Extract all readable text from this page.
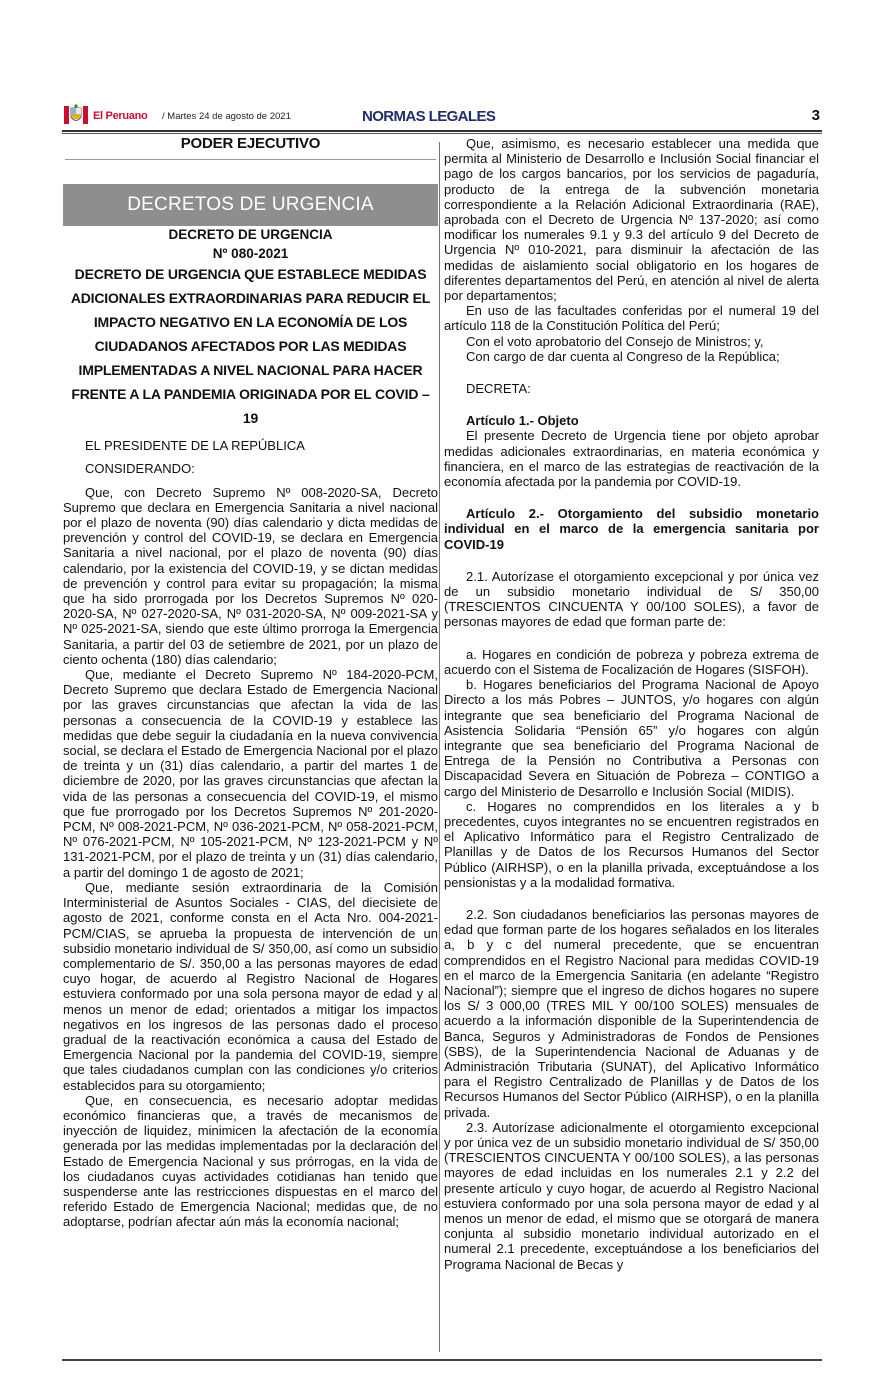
El Peruano / Martes 24 de agosto de 2021	NORMAS LEGALES	3

PODER EJECUTIVO

DECRETOS DE URGENCIA

DECRETO DE URGENCIA

Nº 080-2021

DECRETO DE URGENCIA QUE ESTABLECE MEDIDAS ADICIONALES EXTRAORDINARIAS PARA REDUCIR EL IMPACTO NEGATIVO EN LA ECONOMÍA DE LOS CIUDADANOS AFECTADOS POR LAS MEDIDAS IMPLEMENTADAS A NIVEL NACIONAL PARA HACER FRENTE A LA PANDEMIA ORIGINADA POR EL COVID – 19

EL PRESIDENTE DE LA REPÚBLICA

CONSIDERANDO:

Que, con Decreto Supremo Nº 008-2020-SA, Decreto Supremo que declara en Emergencia Sanitaria a nivel nacional por el plazo de noventa (90) días calendario y dicta medidas de prevención y control del COVID-19, se declara en Emergencia Sanitaria a nivel nacional, por el plazo de noventa (90) días calendario, por la existencia del COVID-19, y se dictan medidas de prevención y control para evitar su propagación; la misma que ha sido prorrogada por los Decretos Supremos Nº 020-2020-SA, Nº 027-2020-SA, Nº 031-2020-SA, Nº 009-2021-SA y Nº 025-2021-SA, siendo que este último prorroga la Emergencia Sanitaria, a partir del 03 de setiembre de 2021, por un plazo de ciento ochenta (180) días calendario;

Que, mediante el Decreto Supremo Nº 184-2020-PCM, Decreto Supremo que declara Estado de Emergencia Nacional por las graves circunstancias que afectan la vida de las personas a consecuencia de la COVID-19 y establece las medidas que debe seguir la ciudadanía en la nueva convivencia social, se declara el Estado de Emergencia Nacional por el plazo de treinta y un (31) días calendario, a partir del martes 1 de diciembre de 2020, por las graves circunstancias que afectan la vida de las personas a consecuencia del COVID-19, el mismo que fue prorrogado por los Decretos Supremos Nº 201-2020-PCM, Nº 008-2021-PCM, Nº 036-2021-PCM, Nº 058-2021-PCM, Nº 076-2021-PCM, Nº 105-2021-PCM, Nº 123-2021-PCM y Nº 131-2021-PCM, por el plazo de treinta y un (31) días calendario, a partir del domingo 1 de agosto de 2021;

Que, mediante sesión extraordinaria de la Comisión Interministerial de Asuntos Sociales - CIAS, del diecisiete de agosto de 2021, conforme consta en el Acta Nro. 004-2021-PCM/CIAS, se aprueba la propuesta de intervención de un subsidio monetario individual de S/ 350,00, así como un subsidio complementario de S/. 350,00 a las personas mayores de edad cuyo hogar, de acuerdo al Registro Nacional de Hogares estuviera conformado por una sola persona mayor de edad y al menos un menor de edad; orientados a mitigar los impactos negativos en los ingresos de las personas dado el proceso gradual de la reactivación económica a causa del Estado de Emergencia Nacional por la pandemia del COVID-19, siempre que tales ciudadanos cumplan con las condiciones y/o criterios establecidos para su otorgamiento;

Que, en consecuencia, es necesario adoptar medidas económico financieras que, a través de mecanismos de inyección de liquidez, minimicen la afectación de la economía generada por las medidas implementadas por la declaración del Estado de Emergencia Nacional y sus prórrogas, en la vida de los ciudadanos cuyas actividades cotidianas han tenido que suspenderse ante las restricciones dispuestas en el marco del referido Estado de Emergencia Nacional; medidas que, de no adoptarse, podrían afectar aún más la economía nacional;

Que, asimismo, es necesario establecer una medida que permita al Ministerio de Desarrollo e Inclusión Social financiar el pago de los cargos bancarios, por los servicios de pagaduría, producto de la entrega de la subvención monetaria correspondiente a la Relación Adicional Extraordinaria (RAE), aprobada con el Decreto de Urgencia Nº 137-2020; así como modificar los numerales 9.1 y 9.3 del artículo 9 del Decreto de Urgencia Nº 010-2021, para disminuir la afectación de las medidas de aislamiento social obligatorio en los hogares de diferentes departamentos del Perú, en atención al nivel de alerta por departamentos;

En uso de las facultades conferidas por el numeral 19 del artículo 118 de la Constitución Política del Perú;

Con el voto aprobatorio del Consejo de Ministros; y,

Con cargo de dar cuenta al Congreso de la República;

DECRETA:

Artículo 1.- Objeto

El presente Decreto de Urgencia tiene por objeto aprobar medidas adicionales extraordinarias, en materia económica y financiera, en el marco de las estrategias de reactivación de la economía afectada por la pandemia por COVID-19.

Artículo 2.- Otorgamiento del subsidio monetario individual en el marco de la emergencia sanitaria por COVID-19

2.1. Autorízase el otorgamiento excepcional y por única vez de un subsidio monetario individual de S/ 350,00 (TRESCIENTOS CINCUENTA Y 00/100 SOLES), a favor de personas mayores de edad que forman parte de:

a. Hogares en condición de pobreza y pobreza extrema de acuerdo con el Sistema de Focalización de Hogares (SISFOH).

b. Hogares beneficiarios del Programa Nacional de Apoyo Directo a los más Pobres – JUNTOS, y/o hogares con algún integrante que sea beneficiario del Programa Nacional de Asistencia Solidaria “Pensión 65” y/o hogares con algún integrante que sea beneficiario del Programa Nacional de Entrega de la Pensión no Contributiva a Personas con Discapacidad Severa en Situación de Pobreza – CONTIGO a cargo del Ministerio de Desarrollo e Inclusión Social (MIDIS).

c. Hogares no comprendidos en los literales a y b precedentes, cuyos integrantes no se encuentren registrados en el Aplicativo Informático para el Registro Centralizado de Planillas y de Datos de los Recursos Humanos del Sector Público (AIRHSP), o en la planilla privada, exceptuándose a los pensionistas y a la modalidad formativa.

2.2. Son ciudadanos beneficiarios las personas mayores de edad que forman parte de los hogares señalados en los literales a, b y c del numeral precedente, que se encuentran comprendidos en el Registro Nacional para medidas COVID-19 en el marco de la Emergencia Sanitaria (en adelante “Registro Nacional”); siempre que el ingreso de dichos hogares no supere los S/ 3 000,00 (TRES MIL Y 00/100 SOLES) mensuales de acuerdo a la información disponible de la Superintendencia de Banca, Seguros y Administradoras de Fondos de Pensiones (SBS), de la Superintendencia Nacional de Aduanas y de Administración Tributaria (SUNAT), del Aplicativo Informático para el Registro Centralizado de Planillas y de Datos de los Recursos Humanos del Sector Público (AIRHSP), o en la planilla privada.

2.3. Autorízase adicionalmente el otorgamiento excepcional y por única vez de un subsidio monetario individual de S/ 350,00 (TRESCIENTOS CINCUENTA Y 00/100 SOLES), a las personas mayores de edad incluidas en los numerales 2.1 y 2.2 del presente artículo y cuyo hogar, de acuerdo al Registro Nacional estuviera conformado por una sola persona mayor de edad y al menos un menor de edad, el mismo que se otorgará de manera conjunta al subsidio monetario individual autorizado en el numeral 2.1 precedente, exceptuándose a los beneficiarios del Programa Nacional de Becas y
